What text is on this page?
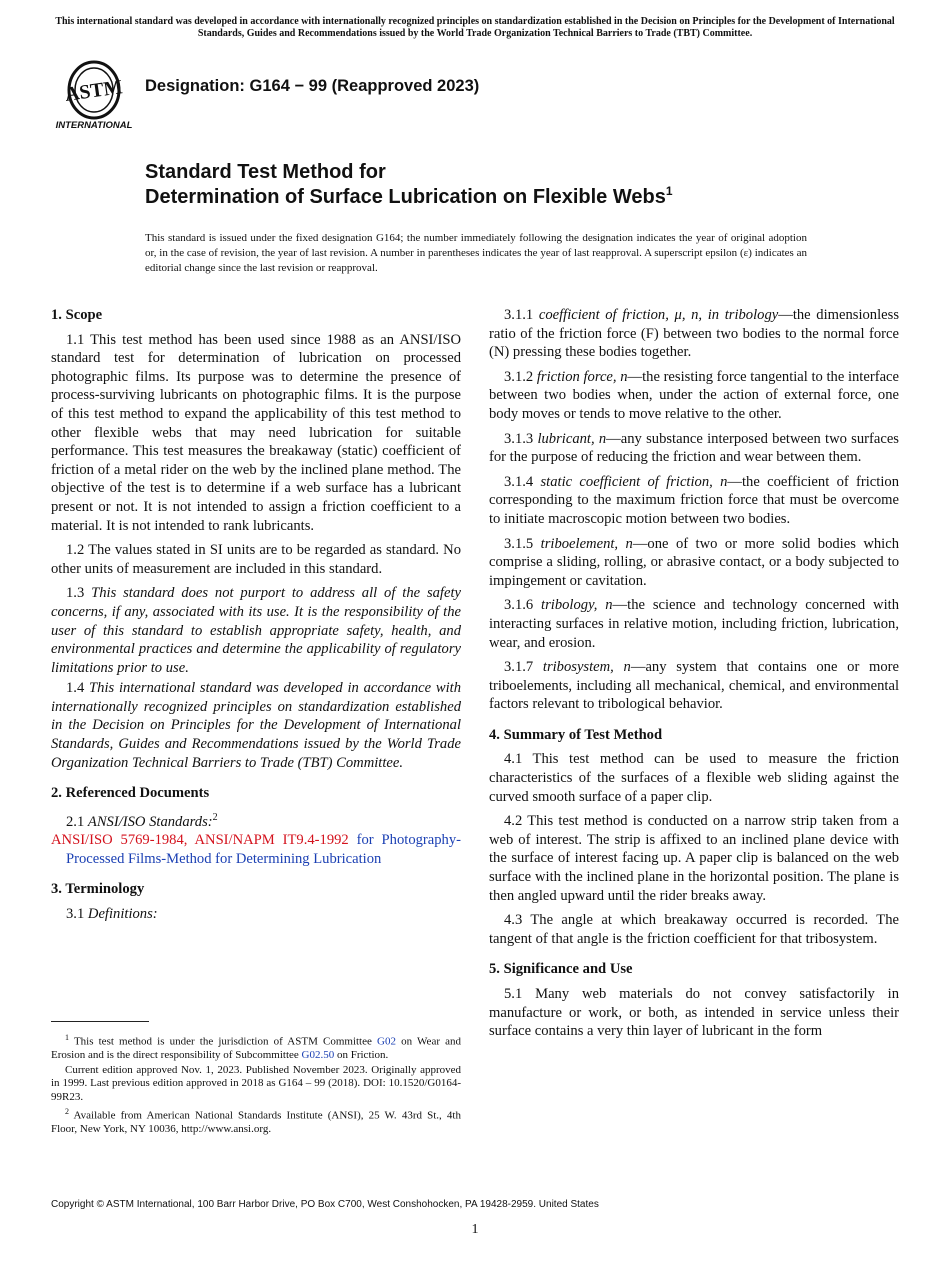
This international standard was developed in accordance with internationally recognized principles on standardization established in the Decision on Principles for the Development of International Standards, Guides and Recommendations issued by the World Trade Organization Technical Barriers to Trade (TBT) Committee.
ASTM
INTERNATIONAL
Designation: G164 − 99 (Reapproved 2023)
Standard Test Method for
Determination of Surface Lubrication on Flexible Webs$^1$
This standard is issued under the fixed designation G164; the number immediately following the designation indicates the year of original adoption or, in the case of revision, the year of last revision. A number in parentheses indicates the year of last reapproval. A superscript epsilon (ε) indicates an editorial change since the last revision or reapproval.
1. Scope

1.1 This test method has been used since 1988 as an ANSI/ISO standard test for determination of lubrication on processed photographic films. Its purpose was to determine the presence of process-surviving lubricants on photographic films. It is the purpose of this test method to expand the applicability of this test method to other flexible webs that may need lubrication for suitable performance. This test measures the breakaway (static) coefficient of friction of a metal rider on the web by the inclined plane method. The objective of the test is to determine if a web surface has a lubricant present or not. It is not intended to assign a friction coefficient to a material. It is not intended to rank lubricants.

1.2 The values stated in SI units are to be regarded as standard. No other units of measurement are included in this standard.

1.3 This standard does not purport to address all of the safety concerns, if any, associated with its use. It is the responsibility of the user of this standard to establish appropriate safety, health, and environmental practices and determine the applicability of regulatory limitations prior to use.

1.4 This international standard was developed in accordance with internationally recognized principles on standardization established in the Decision on Principles for the Development of International Standards, Guides and Recommendations issued by the World Trade Organization Technical Barriers to Trade (TBT) Committee.

2. Referenced Documents

2.1 ANSI/ISO Standards:$^2$

ANSI/ISO 5769-1984, ANSI/NAPM IT9.4-1992 for Photography-Processed Films-Method for Determining Lubrication

3. Terminology

3.1 Definitions:

$^1$ This test method is under the jurisdiction of ASTM Committee G02 on Wear and Erosion and is the direct responsibility of Subcommittee G02.50 on Friction.

Current edition approved Nov. 1, 2023. Published November 2023. Originally approved in 1999. Last previous edition approved in 2018 as G164 – 99 (2018). DOI: 10.1520/G0164-99R23.

$^2$ Available from American National Standards Institute (ANSI), 25 W. 43rd St., 4th Floor, New York, NY 10036, http://www.ansi.org.

3.1.1 coefficient of friction, μ, n, in tribology—the dimensionless ratio of the friction force (F) between two bodies to the normal force (N) pressing these bodies together.

3.1.2 friction force, n—the resisting force tangential to the interface between two bodies when, under the action of external force, one body moves or tends to move relative to the other.

3.1.3 lubricant, n—any substance interposed between two surfaces for the purpose of reducing the friction and wear between them.

3.1.4 static coefficient of friction, n—the coefficient of friction corresponding to the maximum friction force that must be overcome to initiate macroscopic motion between two bodies.

3.1.5 triboelement, n—one of two or more solid bodies which comprise a sliding, rolling, or abrasive contact, or a body subjected to impingement or cavitation.

3.1.6 tribology, n—the science and technology concerned with interacting surfaces in relative motion, including friction, lubrication, wear, and erosion.

3.1.7 tribosystem, n—any system that contains one or more triboelements, including all mechanical, chemical, and environmental factors relevant to tribological behavior.

4. Summary of Test Method

4.1 This test method can be used to measure the friction characteristics of the surfaces of a flexible web sliding against the curved smooth surface of a paper clip.

4.2 This test method is conducted on a narrow strip taken from a web of interest. The strip is affixed to an inclined plane device with the surface of interest facing up. A paper clip is balanced on the web surface with the inclined plane in the horizontal position. The plane is then angled upward until the rider breaks away.

4.3 The angle at which breakaway occurred is recorded. The tangent of that angle is the friction coefficient for that tribosystem.

5. Significance and Use

5.1 Many web materials do not convey satisfactorily in manufacture or work, or both, as intended in service unless their surface contains a very thin layer of lubricant in the form

Copyright © ASTM International, 100 Barr Harbor Drive, PO Box C700, West Conshohocken, PA 19428-2959. United States
1
